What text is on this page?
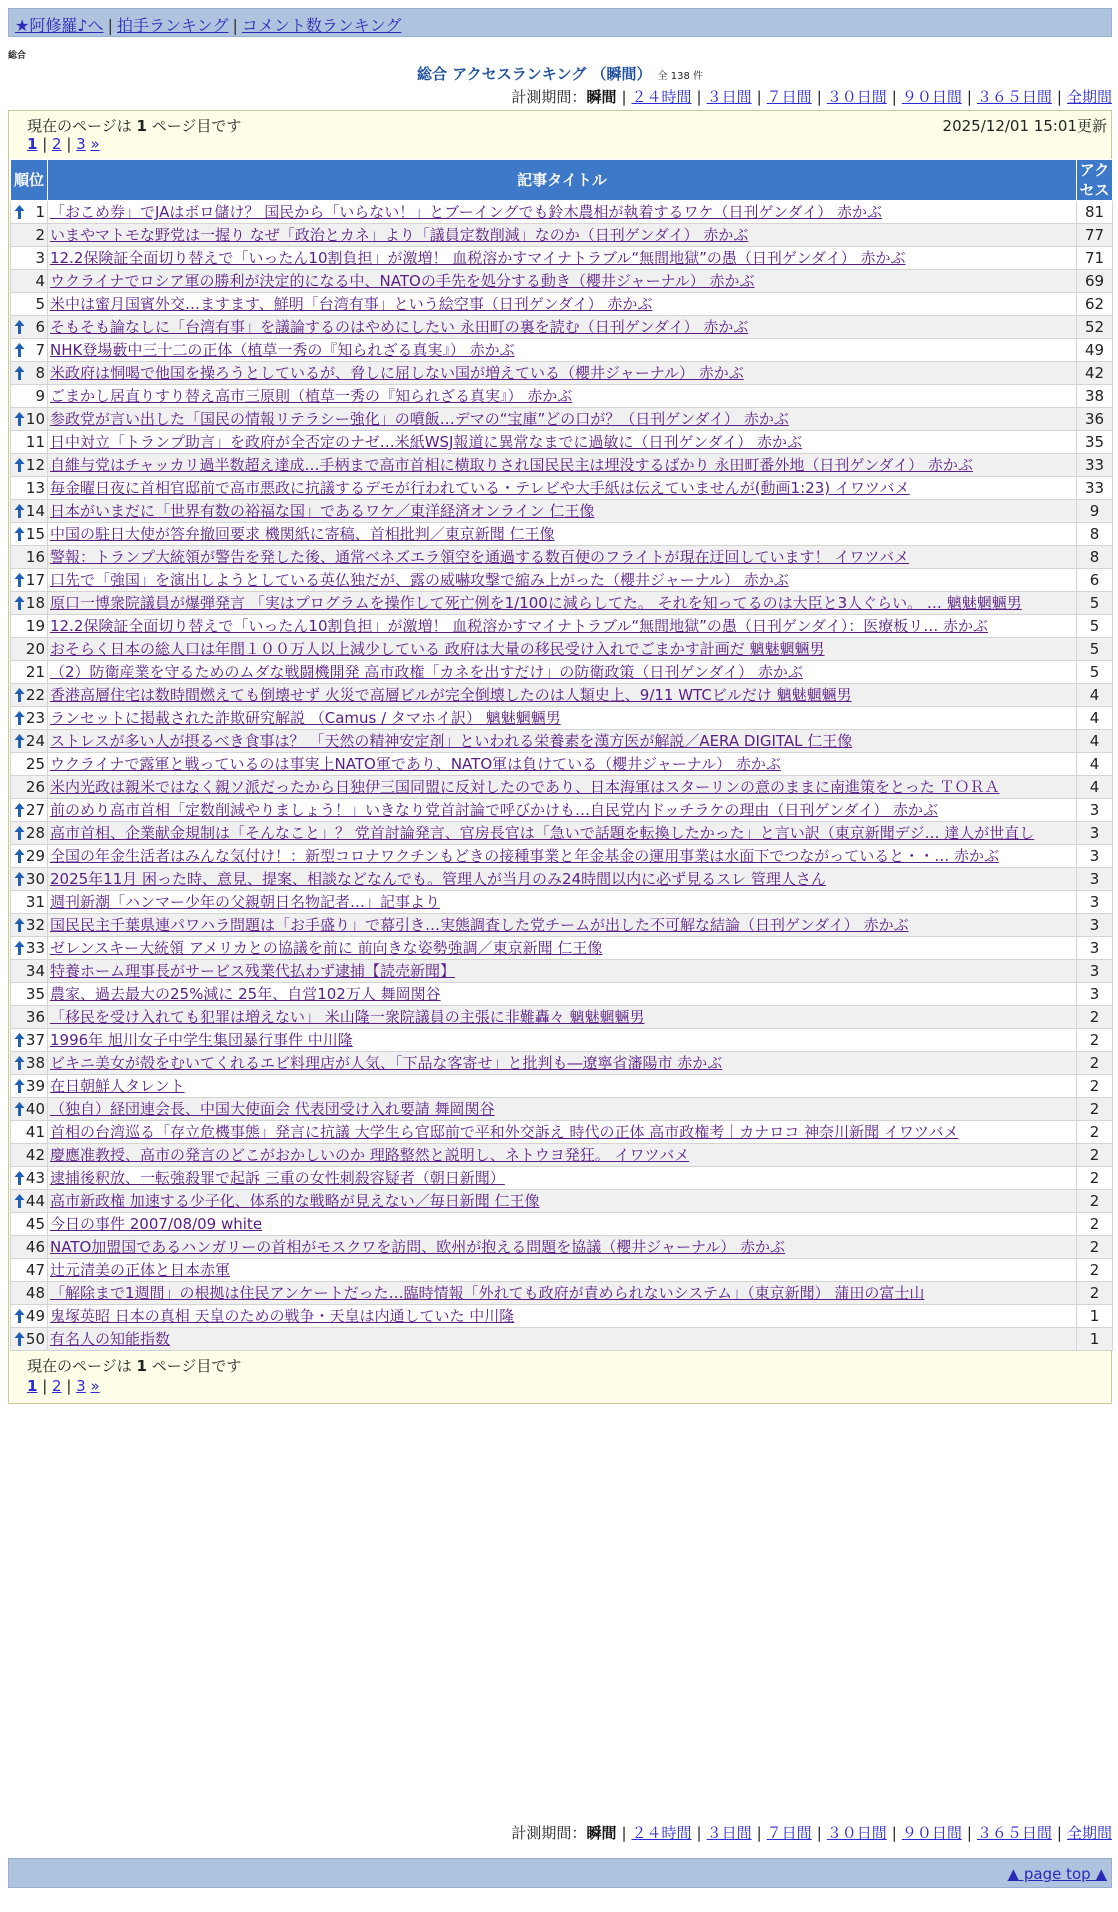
★阿修羅♪へ | 拍手ランキング | コメント数ランキング
総合
総合 アクセスランキング （瞬間） 全 138 件
計測期間：瞬間 | ２４時間 | ３日間 | ７日間 | ３０日間 | ９０日間 | ３６５日間 | 全期間
現在のページは 1 ページ目です	2025/12/01 15:01更新
1 | 2 | 3 »
順位	記事タイトル	アクセス

1	「おこめ券」でJAはボロ儲け？ 国民から「いらない！」とブーイングでも鈴木農相が執着するワケ（日刊ゲンダイ） 赤かぶ	81
2	いまやマトモな野党は一握り なぜ「政治とカネ」より「議員定数削減」なのか（日刊ゲンダイ） 赤かぶ	77
3	12.2保険証全面切り替えで「いったん10割負担」が激増！ 血税溶かすマイナトラブル“無間地獄”の愚（日刊ゲンダイ） 赤かぶ	71
4	ウクライナでロシア軍の勝利が決定的になる中、NATOの手先を処分する動き（櫻井ジャーナル） 赤かぶ	69
5	米中は蜜月国賓外交…ますます、鮮明「台湾有事」という絵空事（日刊ゲンダイ） 赤かぶ	62

6	そもそも論なしに「台湾有事」を議論するのはやめにしたい 永田町の裏を読む（日刊ゲンダイ） 赤かぶ	52

7	NHK登場藪中三十二の正体（植草一秀の『知られざる真実』） 赤かぶ	49

8	米政府は恫喝で他国を操ろうとしているが、脅しに屈しない国が増えている（櫻井ジャーナル） 赤かぶ	42
9	ごまかし居直りすり替え高市三原則（植草一秀の『知られざる真実』） 赤かぶ	38

10	参政党が言い出した「国民の情報リテラシー強化」の噴飯…デマの“宝庫”どの口が？（日刊ゲンダイ） 赤かぶ	36
11	日中対立「トランプ助言」を政府が全否定のナゼ…米紙WSJ報道に異常なまでに過敏に（日刊ゲンダイ） 赤かぶ	35

12	自維与党はチャッカリ過半数超え達成…手柄まで高市首相に横取りされ国民民主は埋没するばかり 永田町番外地（日刊ゲンダイ） 赤かぶ	33
13	毎金曜日夜に首相官邸前で高市悪政に抗議するデモが行われている・テレビや大手紙は伝えていませんが(動画1:23) イワツバメ	33

14	日本がいまだに「世界有数の裕福な国」であるワケ／東洋経済オンライン 仁王像	9

15	中国の駐日大使が答弁撤回要求 機関紙に寄稿、首相批判／東京新聞 仁王像	8
16	警報：トランプ大統領が警告を発した後、通常ベネズエラ領空を通過する数百便のフライトが現在迂回しています！ イワツバメ	8

17	口先で「強国」を演出しようとしている英仏独だが、露の威嚇攻撃で縮み上がった（櫻井ジャーナル） 赤かぶ	6

18	原口一博衆院議員が爆弾発言 「実はプログラムを操作して死亡例を1/100に減らしてた。 それを知ってるのは大臣と3人ぐらい。 … 魑魅魍魎男	5
19	12.2保険証全面切り替えで「いったん10割負担」が激増！ 血税溶かすマイナトラブル“無間地獄”の愚（日刊ゲンダイ）：医療板リ… 赤かぶ	5
20	おそらく日本の総人口は年間１００万人以上減少している 政府は大量の移民受け入れでごまかす計画だ 魑魅魍魎男	5
21	（2）防衛産業を守るためのムダな戦闘機開発 高市政権「カネを出すだけ」の防衛政策（日刊ゲンダイ） 赤かぶ	5

22	香港高層住宅は数時間燃えても倒壊せず 火災で高層ビルが完全倒壊したのは人類史上、9/11 WTCビルだけ 魑魅魍魎男	4

23	ランセットに掲載された詐欺研究解説 （Camus / タマホイ訳） 魑魅魍魎男	4

24	ストレスが多い人が摂るべき食事は？ 「天然の精神安定剤」といわれる栄養素を漢方医が解説／AERA DIGITAL 仁王像	4
25	ウクライナで露軍と戦っているのは事実上NATO軍であり、NATO軍は負けている（櫻井ジャーナル） 赤かぶ	4
26	米内光政は親米ではなく親ソ派だったから日独伊三国同盟に反対したのであり、日本海軍はスターリンの意のままに南進策をとった ＴＯＲＡ	4

27	前のめり高市首相「定数削減やりましょう！」いきなり党首討論で呼びかけも…自民党内ドッチラケの理由（日刊ゲンダイ） 赤かぶ	3

28	高市首相、企業献金規制は「そんなこと」？ 党首討論発言、官房長官は「急いで話題を転換したかった」と言い訳（東京新聞デジ… 達人が世直し	3

29	全国の年金生活者はみんな気付け！：新型コロナワクチンもどきの接種事業と年金基金の運用事業は水面下でつながっていると・・… 赤かぶ	3

30	2025年11月 困った時、意見、提案、相談などなんでも。管理人が当月のみ24時間以内に必ず見るスレ 管理人さん	3
31	週刊新潮「ハンマー少年の父親朝日名物記者…」記事より	3

32	国民民主千葉県連パワハラ問題は「お手盛り」で幕引き…実態調査した党チームが出した不可解な結論（日刊ゲンダイ） 赤かぶ	3

33	ゼレンスキー大統領 アメリカとの協議を前に 前向きな姿勢強調／東京新聞 仁王像	3
34	特養ホーム理事長がサービス残業代払わず逮捕【読売新聞】	3
35	農家、過去最大の25%減に 25年、自営102万人 舞岡関谷	3
36	「移民を受け入れても犯罪は増えない」 米山隆一衆院議員の主張に非難轟々 魑魅魍魎男	2

37	1996年 旭川女子中学生集団暴行事件 中川隆	2

38	ビキニ美女が殻をむいてくれるエビ料理店が人気、「下品な客寄せ」と批判も―遼寧省瀋陽市 赤かぶ	2

39	在日朝鮮人タレント	2

40	（独自）経団連会長、中国大使面会 代表団受け入れ要請 舞岡関谷	2
41	首相の台湾巡る「存立危機事態」発言に抗議 大学生ら官邸前で平和外交訴え 時代の正体 高市政権考｜カナロコ 神奈川新聞 イワツバメ	2
42	慶應准教授、高市の発言のどこがおかしいのか 理路整然と説明し、ネトウヨ発狂。 イワツバメ	2

43	逮捕後釈放、一転強殺罪で起訴 三重の女性刺殺容疑者（朝日新聞）	2

44	高市新政権 加速する少子化、体系的な戦略が見えない／毎日新聞 仁王像	2
45	今日の事件 2007/08/09 white	2
46	NATO加盟国であるハンガリーの首相がモスクワを訪問、欧州が抱える問題を協議（櫻井ジャーナル） 赤かぶ	2
47	辻元清美の正体と日本赤軍	2
48	「解除まで1週間」の根拠は住民アンケートだった…臨時情報「外れても政府が責められないシステム」（東京新聞） 蒲田の富士山	2

49	鬼塚英昭 日本の真相 天皇のための戦争・天皇は内通していた 中川隆	1

50	有名人の知能指数	1
現在のページは 1 ページ目です
1 | 2 | 3 »
計測期間：瞬間 | ２４時間 | ３日間 | ７日間 | ３０日間 | ９０日間 | ３６５日間 | 全期間
▲ page top ▲
